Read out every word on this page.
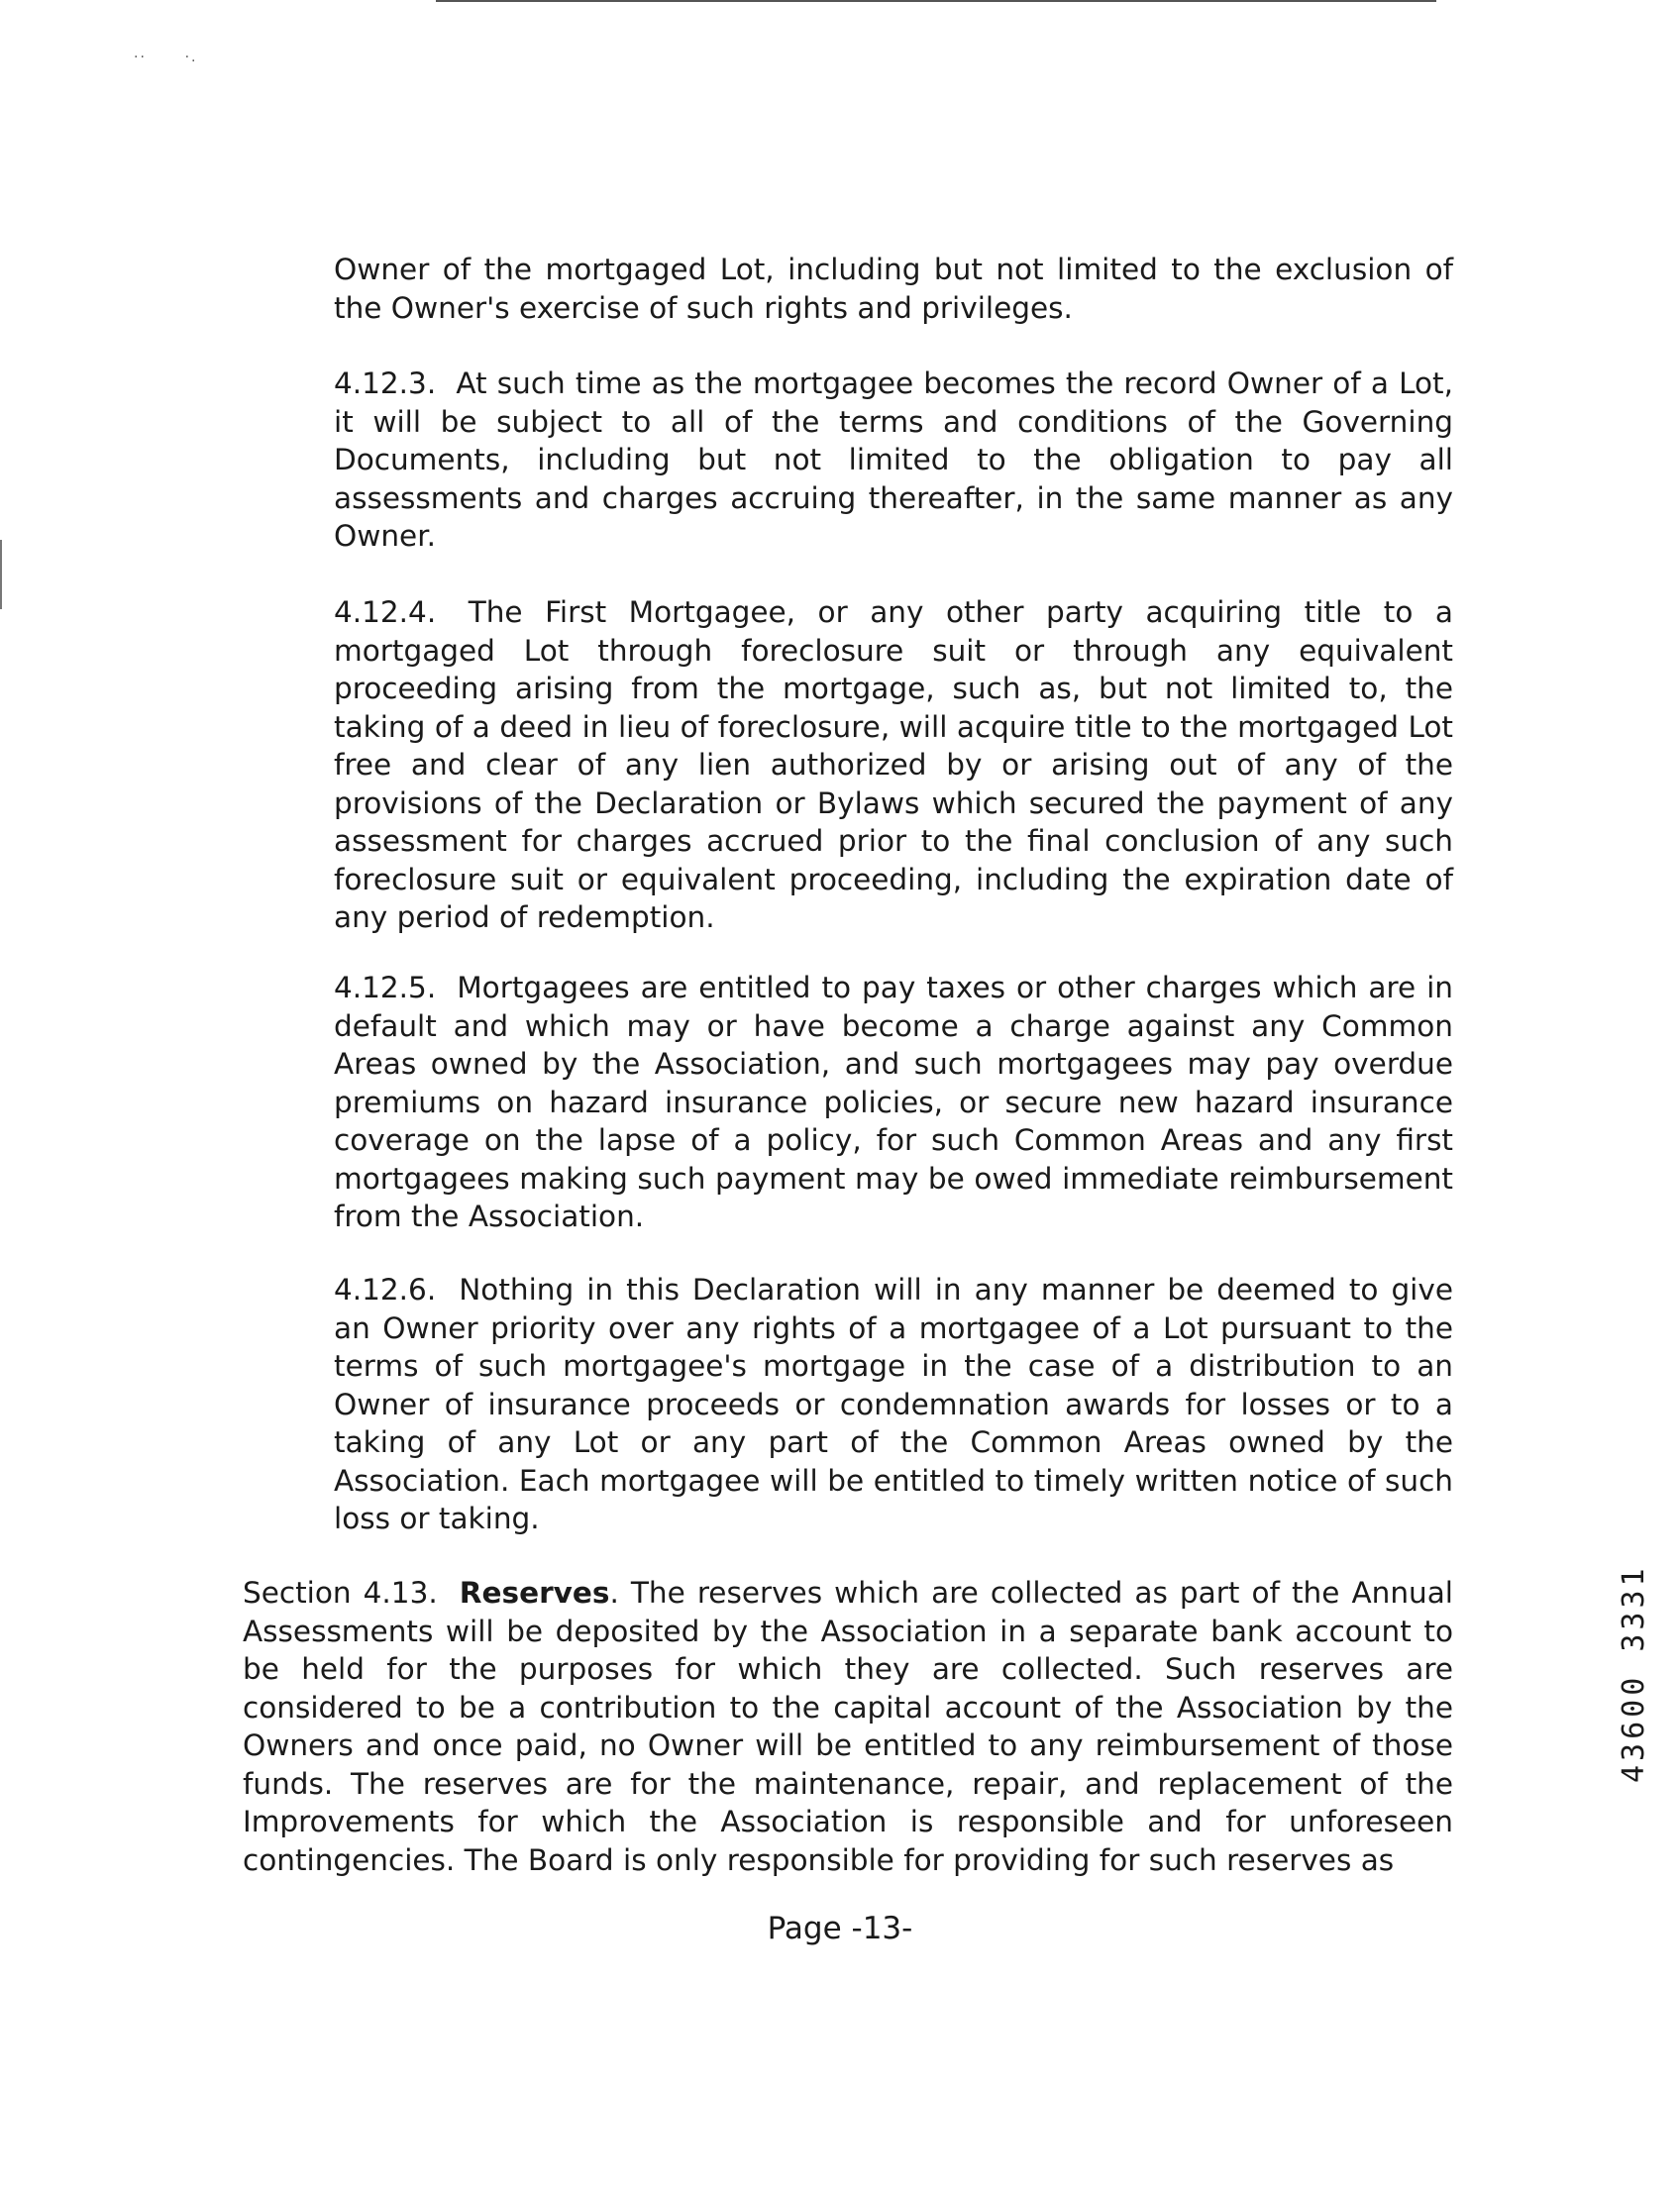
··      ·.

Owner of the mortgaged Lot, including but not limited to the exclusion of the Owner's exercise of such rights and privileges.

4.12.3. At such time as the mortgagee becomes the record Owner of a Lot, it will be subject to all of the terms and conditions of the Governing Documents, including but not limited to the obligation to pay all assessments and charges accruing thereafter, in the same manner as any Owner.

4.12.4. The First Mortgagee, or any other party acquiring title to a mortgaged Lot through foreclosure suit or through any equivalent proceeding arising from the mortgage, such as, but not limited to, the taking of a deed in lieu of foreclosure, will acquire title to the mortgaged Lot free and clear of any lien authorized by or arising out of any of the provisions of the Declaration or Bylaws which secured the payment of any assessment for charges accrued prior to the final conclusion of any such foreclosure suit or equivalent proceeding, including the expiration date of any period of redemption.

4.12.5. Mortgagees are entitled to pay taxes or other charges which are in default and which may or have become a charge against any Common Areas owned by the Association, and such mortgagees may pay overdue premiums on hazard insurance policies, or secure new hazard insurance coverage on the lapse of a policy, for such Common Areas and any first mortgagees making such payment may be owed immediate reimbursement from the Association.

4.12.6. Nothing in this Declaration will in any manner be deemed to give an Owner priority over any rights of a mortgagee of a Lot pursuant to the terms of such mortgagee's mortgage in the case of a distribution to an Owner of insurance proceeds or condemnation awards for losses or to a taking of any Lot or any part of the Common Areas owned by the Association. Each mortgagee will be entitled to timely written notice of such loss or taking.

Section 4.13. Reserves. The reserves which are collected as part of the Annual Assessments will be deposited by the Association in a separate bank account to be held for the purposes for which they are collected. Such reserves are considered to be a contribution to the capital account of the Association by the Owners and once paid, no Owner will be entitled to any reimbursement of those funds. The reserves are for the maintenance, repair, and replacement of the Improvements for which the Association is responsible and for unforeseen contingencies. The Board is only responsible for providing for such reserves as

Page -13-
43600 3331
